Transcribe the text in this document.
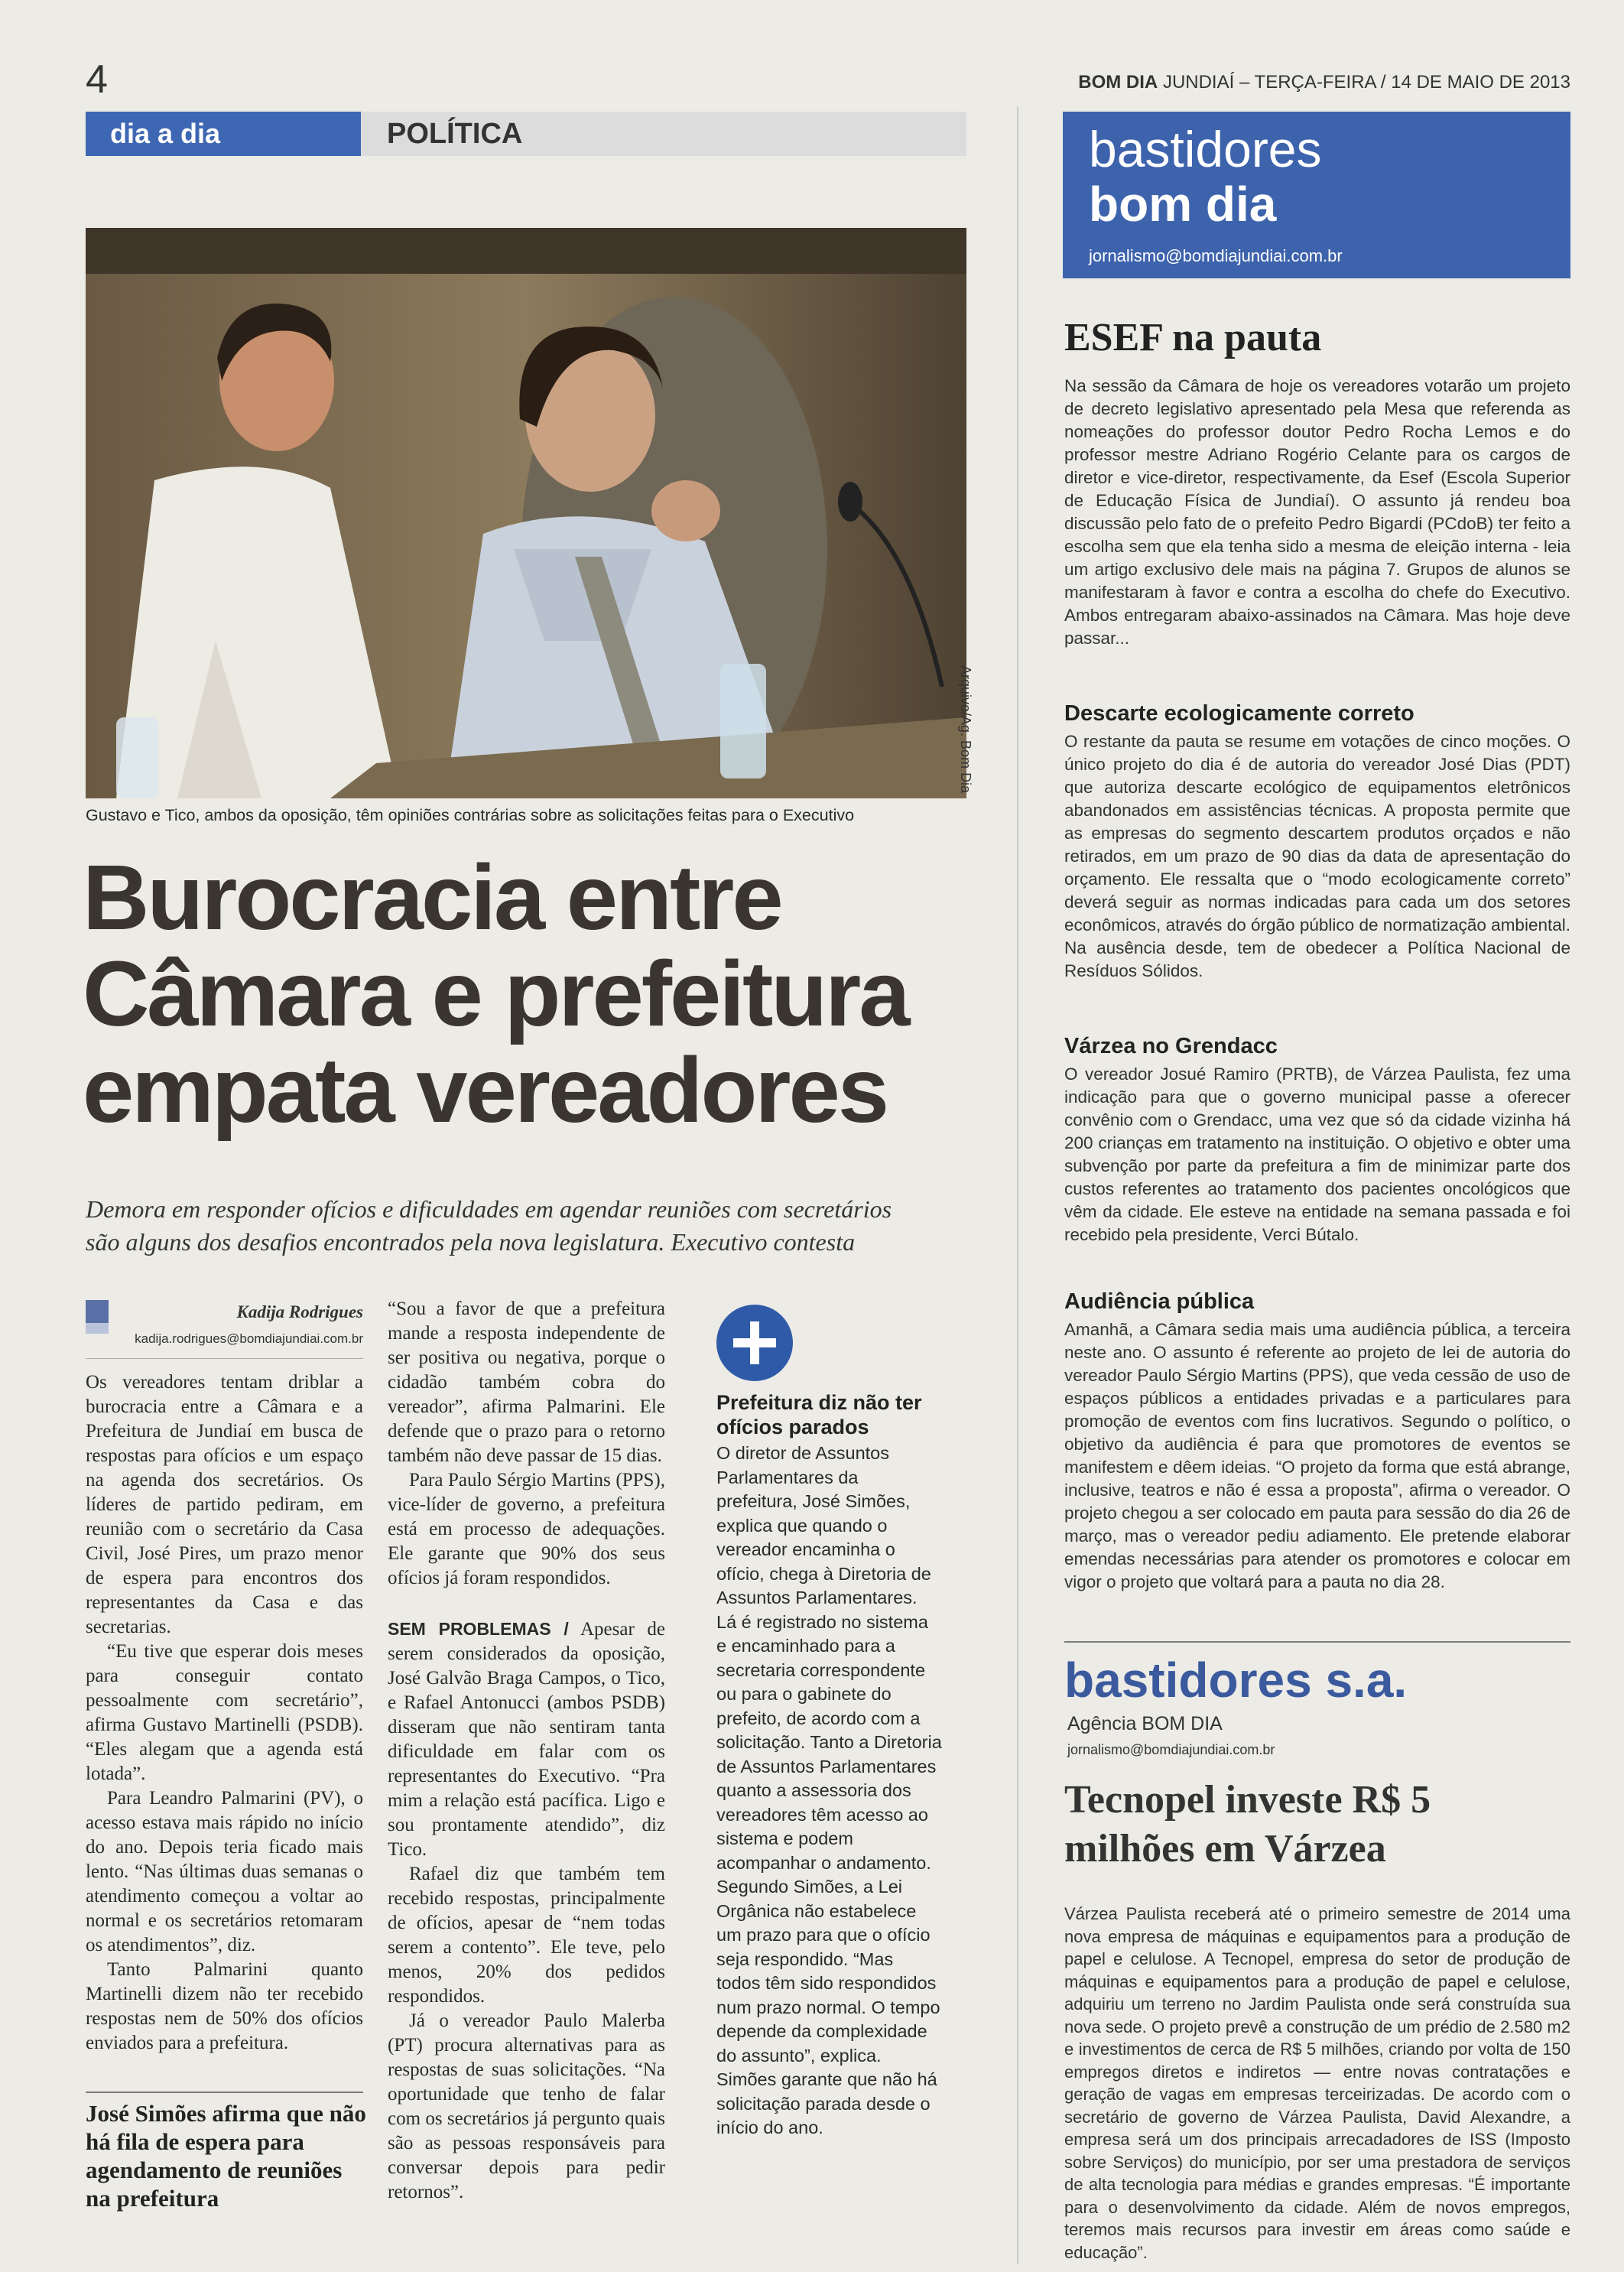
4	BOM DIA JUNDIAÍ – TERÇA-FEIRA / 14 DE MAIO DE 2013
dia a dia	POLÍTICA
Arquivo/Ag. Bom Dia
Gustavo e Tico, ambos da oposição, têm opiniões contrárias sobre as solicitações feitas para o Executivo
Burocracia entre
Câmara e prefeitura
empata vereadores
Demora em responder ofícios e dificuldades em agendar reuniões com secretários
são alguns dos desafios encontrados pela nova legislatura. Executivo contesta
Kadija Rodrigues
kadija.rodrigues@bomdiajundiai.com.br

Os vereadores tentam driblar a burocracia entre a Câmara e a Prefeitura de Jundiaí em busca de respostas para ofícios e um espaço na agenda dos secretários. Os líderes de partido pediram, em reunião com o secretário da Casa Civil, José Pires, um prazo menor de espera para encontros dos representantes da Casa e das secretarias.

“Eu tive que esperar dois meses para conseguir contato pessoalmente com secretário”, afirma Gustavo Martinelli (PSDB). “Eles alegam que a agenda está lotada”.

Para Leandro Palmarini (PV), o acesso estava mais rápido no início do ano. Depois teria ficado mais lento. “Nas últimas duas semanas o atendimento começou a voltar ao normal e os secretários retomaram os atendimentos”, diz.

Tanto Palmarini quanto Martinelli dizem não ter recebido respostas nem de 50% dos ofícios enviados para a prefeitura.

José Simões afirma que não há fila de espera para agendamento de reuniões na prefeitura

“Sou a favor de que a prefeitura mande a resposta independente de ser positiva ou negativa, porque o cidadão também cobra do vereador”, afirma Palmarini. Ele defende que o prazo para o retorno também não deve passar de 15 dias.

Para Paulo Sérgio Martins (PPS), vice-líder de governo, a prefeitura está em processo de adequações. Ele garante que 90% dos seus ofícios já foram respondidos.

SEM PROBLEMAS / Apesar de serem considerados da oposição, José Galvão Braga Campos, o Tico, e Rafael Antonucci (ambos PSDB) disseram que não sentiram tanta dificuldade em falar com os representantes do Executivo. “Pra mim a relação está pacífica. Ligo e sou prontamente atendido”, diz Tico.

Rafael diz que também tem recebido respostas, principalmente de ofícios, apesar de “nem todas serem a contento”. Ele teve, pelo menos, 20% dos pedidos respondidos.

Já o vereador Paulo Malerba (PT) procura alternativas para as respostas de suas solicitações. “Na oportunidade que tenho de falar com os secretários já pergunto quais são as pessoas responsáveis para conversar depois para pedir retornos”.

Prefeitura diz não ter ofícios parados
O diretor de Assuntos Parlamentares da prefeitura, José Simões, explica que quando o vereador encaminha o ofício, chega à Diretoria de Assuntos Parlamentares. Lá é registrado no sistema e encaminhado para a secretaria correspondente ou para o gabinete do prefeito, de acordo com a solicitação. Tanto a Diretoria de Assuntos Parlamentares quanto a assessoria dos vereadores têm acesso ao sistema e podem acompanhar o andamento. Segundo Simões, a Lei Orgânica não estabelece um prazo para que o ofício seja respondido. “Mas todos têm sido respondidos num prazo normal. O tempo depende da complexidade do assunto”, explica. Simões garante que não há solicitação parada desde o início do ano.
bastidores
bom dia
jornalismo@bomdiajundiai.com.br
ESEF na pauta
Na sessão da Câmara de hoje os vereadores votarão um projeto de decreto legislativo apresentado pela Mesa que referenda as nomeações do professor doutor Pedro Rocha Lemos e do professor mestre Adriano Rogério Celante para os cargos de diretor e vice-diretor, respectivamente, da Esef (Escola Superior de Educação Física de Jundiaí). O assunto já rendeu boa discussão pelo fato de o prefeito Pedro Bigardi (PCdoB) ter feito a escolha sem que ela tenha sido a mesma de eleição interna - leia um artigo exclusivo dele mais na página 7. Grupos de alunos se manifestaram à favor e contra a escolha do chefe do Executivo. Ambos entregaram abaixo-assinados na Câmara. Mas hoje deve passar...
Descarte ecologicamente correto
O restante da pauta se resume em votações de cinco moções. O único projeto do dia é de autoria do vereador José Dias (PDT) que autoriza descarte ecológico de equipamentos eletrônicos abandonados em assistências técnicas. A proposta permite que as empresas do segmento descartem produtos orçados e não retirados, em um prazo de 90 dias da data de apresentação do orçamento. Ele ressalta que o “modo ecologicamente correto” deverá seguir as normas indicadas para cada um dos setores econômicos, através do órgão público de normatização ambiental. Na ausência desde, tem de obedecer a Política Nacional de Resíduos Sólidos.
Várzea no Grendacc
O vereador Josué Ramiro (PRTB), de Várzea Paulista, fez uma indicação para que o governo municipal passe a oferecer convênio com o Grendacc, uma vez que só da cidade vizinha há 200 crianças em tratamento na instituição. O objetivo e obter uma subvenção por parte da prefeitura a fim de minimizar parte dos custos referentes ao tratamento dos pacientes oncológicos que vêm da cidade. Ele esteve na entidade na semana passada e foi recebido pela presidente, Verci Bútalo.
Audiência pública
Amanhã, a Câmara sedia mais uma audiência pública, a terceira neste ano. O assunto é referente ao projeto de lei de autoria do vereador Paulo Sérgio Martins (PPS), que veda cessão de uso de espaços públicos a entidades privadas e a particulares para promoção de eventos com fins lucrativos. Segundo o político, o objetivo da audiência é para que promotores de eventos se manifestem e dêem ideias. “O projeto da forma que está abrange, inclusive, teatros e não é essa a proposta”, afirma o vereador. O projeto chegou a ser colocado em pauta para sessão do dia 26 de março, mas o vereador pediu adiamento. Ele pretende elaborar emendas necessárias para atender os promotores e colocar em vigor o projeto que voltará para a pauta no dia 28.
bastidores s.a.
Agência BOM DIA
jornalismo@bomdiajundiai.com.br
Tecnopel investe R$ 5
milhões em Várzea
Várzea Paulista receberá até o primeiro semestre de 2014 uma nova empresa de máquinas e equipamentos para a produção de papel e celulose. A Tecnopel, empresa do setor de produção de máquinas e equipamentos para a produção de papel e celulose, adquiriu um terreno no Jardim Paulista onde será construída sua nova sede. O projeto prevê a construção de um prédio de 2.580 m2 e investimentos de cerca de R$ 5 milhões, criando por volta de 150 empregos diretos e indiretos — entre novas contratações e geração de vagas em empresas terceirizadas. De acordo com o secretário de governo de Várzea Paulista, David Alexandre, a empresa será um dos principais arrecadadores de ISS (Imposto sobre Serviços) do município, por ser uma prestadora de serviços de alta tecnologia para médias e grandes empresas. “É importante para o desenvolvimento da cidade. Além de novos empregos, teremos mais recursos para investir em áreas como saúde e educação”.
